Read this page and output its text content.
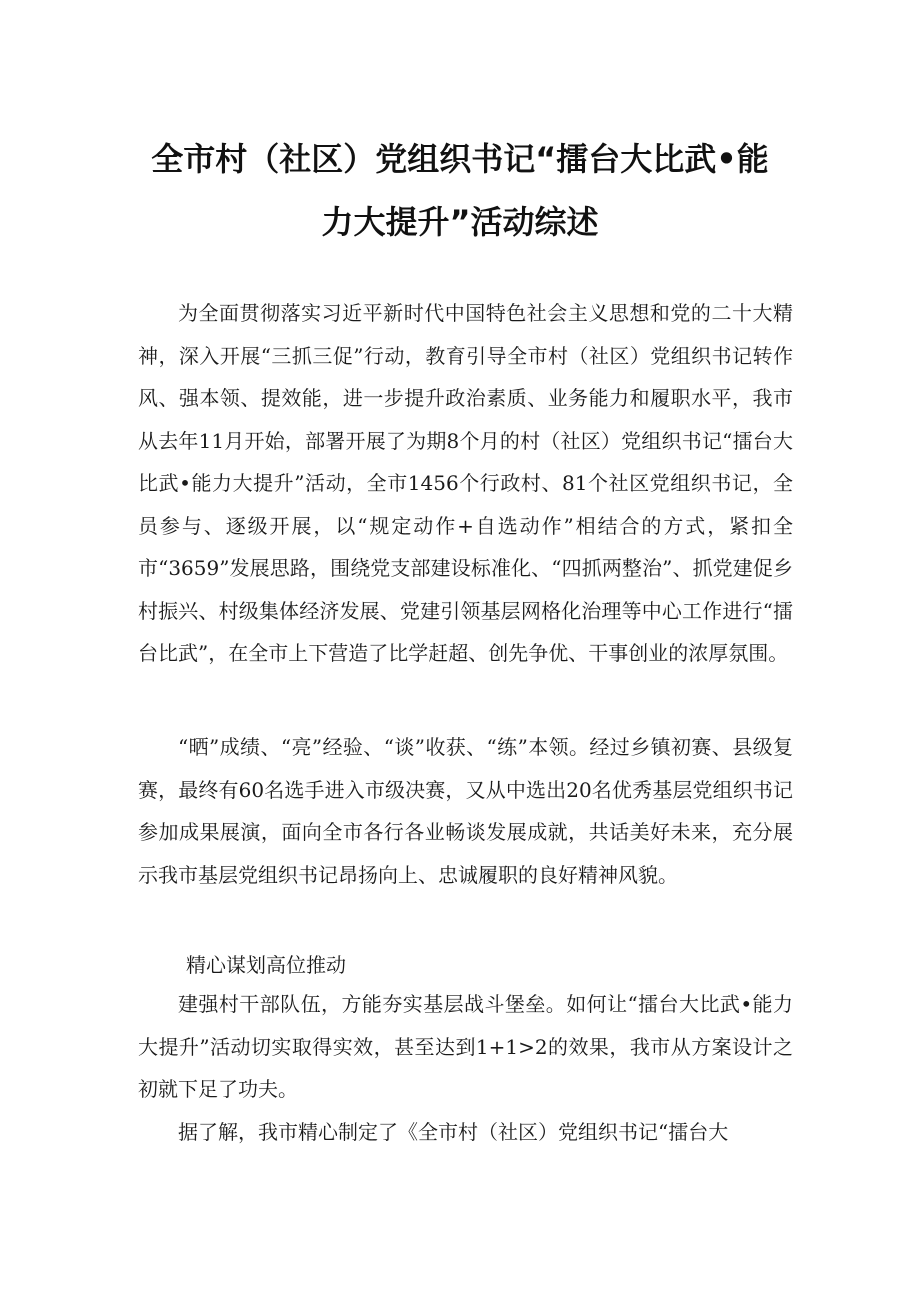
全市村（社区）党组织书记“擂台大比武•能
力大提升”活动综述

为全面贯彻落实习近平新时代中国特色社会主义思想和党的二十大精神，深入开展“三抓三促”行动，教育引导全市村（社区）党组织书记转作风、强本领、提效能，进一步提升政治素质、业务能力和履职水平，我市从去年11月开始，部署开展了为期8个月的村（社区）党组织书记“擂台大比武•能力大提升”活动，全市1456个行政村、81个社区党组织书记，全员参与、逐级开展，以“规定动作+自选动作”相结合的方式，紧扣全市“3659”发展思路，围绕党支部建设标准化、“四抓两整治”、抓党建促乡村振兴、村级集体经济发展、党建引领基层网格化治理等中心工作进行“擂台比武”，在全市上下营造了比学赶超、创先争优、干事创业的浓厚氛围。

“晒”成绩、“亮”经验、“谈”收获、“练”本领。经过乡镇初赛、县级复赛，最终有60名选手进入市级决赛，又从中选出20名优秀基层党组织书记参加成果展演，面向全市各行各业畅谈发展成就，共话美好未来，充分展示我市基层党组织书记昂扬向上、忠诚履职的良好精神风貌。

精心谋划高位推动

建强村干部队伍，方能夯实基层战斗堡垒。如何让“擂台大比武•能力大提升”活动切实取得实效，甚至达到1+1>2的效果，我市从方案设计之初就下足了功夫。

据了解，我市精心制定了《全市村（社区）党组织书记“擂台大
